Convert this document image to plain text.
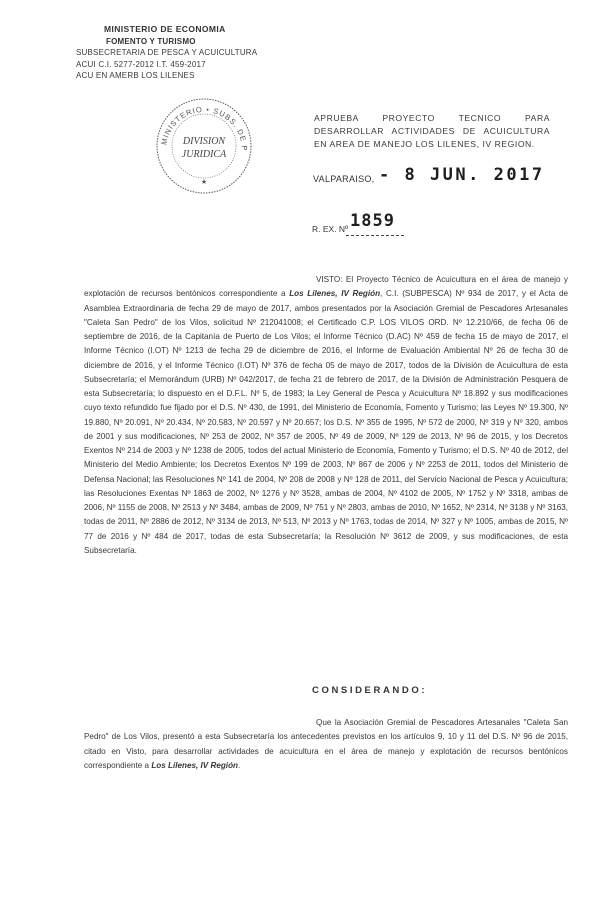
MINISTERIO DE ECONOMIA
FOMENTO Y TURISMO
SUBSECRETARIA DE PESCA Y ACUICULTURA
ACUI C.I. 5277-2012 I.T. 459-2017
ACU EN AMERB LOS LILENES
MINISTERIO • SUBS. DE P
DIVISION
JURIDICA
★
APRUEBA PROYECTO TECNICO PARA DESARROLLAR ACTIVIDADES DE ACUICULTURA EN AREA DE MANEJO LOS LILENES, IV REGION.
VALPARAISO, - 8 JUN. 2017
R. EX. Nº 1859
VISTO: El Proyecto Técnico de Acuicultura en el área de manejo y explotación de recursos bentónicos correspondiente a Los Lilenes, IV Región, C.I. (SUBPESCA) Nº 934 de 2017, y el Acta de Asamblea Extraordinaria de fecha 29 de mayo de 2017, ambos presentados por la Asociación Gremial de Pescadores Artesanales "Caleta San Pedro" de los Vilos, solicitud Nº 212041008; el Certificado C.P. LOS VILOS ORD. Nº 12.210/66, de fecha 06 de septiembre de 2016, de la Capitanía de Puerto de Los Vilos; el Informe Técnico (D.AC) Nº 459 de fecha 15 de mayo de 2017, el Informe Técnico (I.OT) Nº 1213 de fecha 29 de diciembre de 2016, el Informe de Evaluación Ambiental Nº 26 de fecha 30 de diciembre de 2016, y el Informe Técnico (I.OT) Nº 376 de fecha 05 de mayo de 2017, todos de la División de Acuicultura de esta Subsecretaría; el Memorándum (URB) Nº 042/2017, de fecha 21 de febrero de 2017, de la División de Administración Pesquera de esta Subsecretaría; lo dispuesto en el D.F.L. Nº 5, de 1983; la Ley General de Pesca y Acuicultura Nº 18.892 y sus modificaciones cuyo texto refundido fue fijado por el D.S. Nº 430, de 1991, del Ministerio de Economía, Fomento y Turismo; las Leyes Nº 19.300, Nº 19.880, Nº 20.091, Nº 20.434, Nº 20.583, Nº 20.597 y Nº 20.657; los D.S. Nº 355 de 1995, Nº 572 de 2000, Nº 319 y Nº 320, ambos de 2001 y sus modificaciones, Nº 253 de 2002, Nº 357 de 2005, Nº 49 de 2009, Nº 129 de 2013, Nº 96 de 2015, y los Decretos Exentos Nº 214 de 2003 y Nº 1238 de 2005, todos del actual Ministerio de Economía, Fomento y Turismo; el D.S. Nº 40 de 2012, del Ministerio del Medio Ambiente; los Decretos Exentos Nº 199 de 2003, Nº 867 de 2006 y Nº 2253 de 2011, todos del Ministerio de Defensa Nacional; las Resoluciones Nº 141 de 2004, Nº 208 de 2008 y Nº 128 de 2011, del Servicio Nacional de Pesca y Acuicultura; las Resoluciones Exentas Nº 1863 de 2002, Nº 1276 y Nº 3528, ambas de 2004, Nº 4102 de 2005, Nº 1752 y Nº 3318, ambas de 2006, Nº 1155 de 2008, Nº 2513 y Nº 3484, ambas de 2009, Nº 751 y Nº 2803, ambas de 2010, Nº 1652, Nº 2314, Nº 3138 y Nº 3163, todas de 2011, Nº 2886 de 2012, Nº 3134 de 2013, Nº 513, Nº 2013 y Nº 1763, todas de 2014, Nº 327 y Nº 1005, ambas de 2015, Nº 77 de 2016 y Nº 484 de 2017, todas de esta Subsecretaría; la Resolución Nº 3612 de 2009, y sus modificaciones, de esta Subsecretaría.
CONSIDERANDO:
Que la Asociación Gremial de Pescadores Artesanales "Caleta San Pedro" de Los Vilos, presentó a esta Subsecretaría los antecedentes previstos en los artículos 9, 10 y 11 del D.S. Nº 96 de 2015, citado en Visto, para desarrollar actividades de acuicultura en el área de manejo y explotación de recursos bentónicos correspondiente a Los Lilenes, IV Región.
